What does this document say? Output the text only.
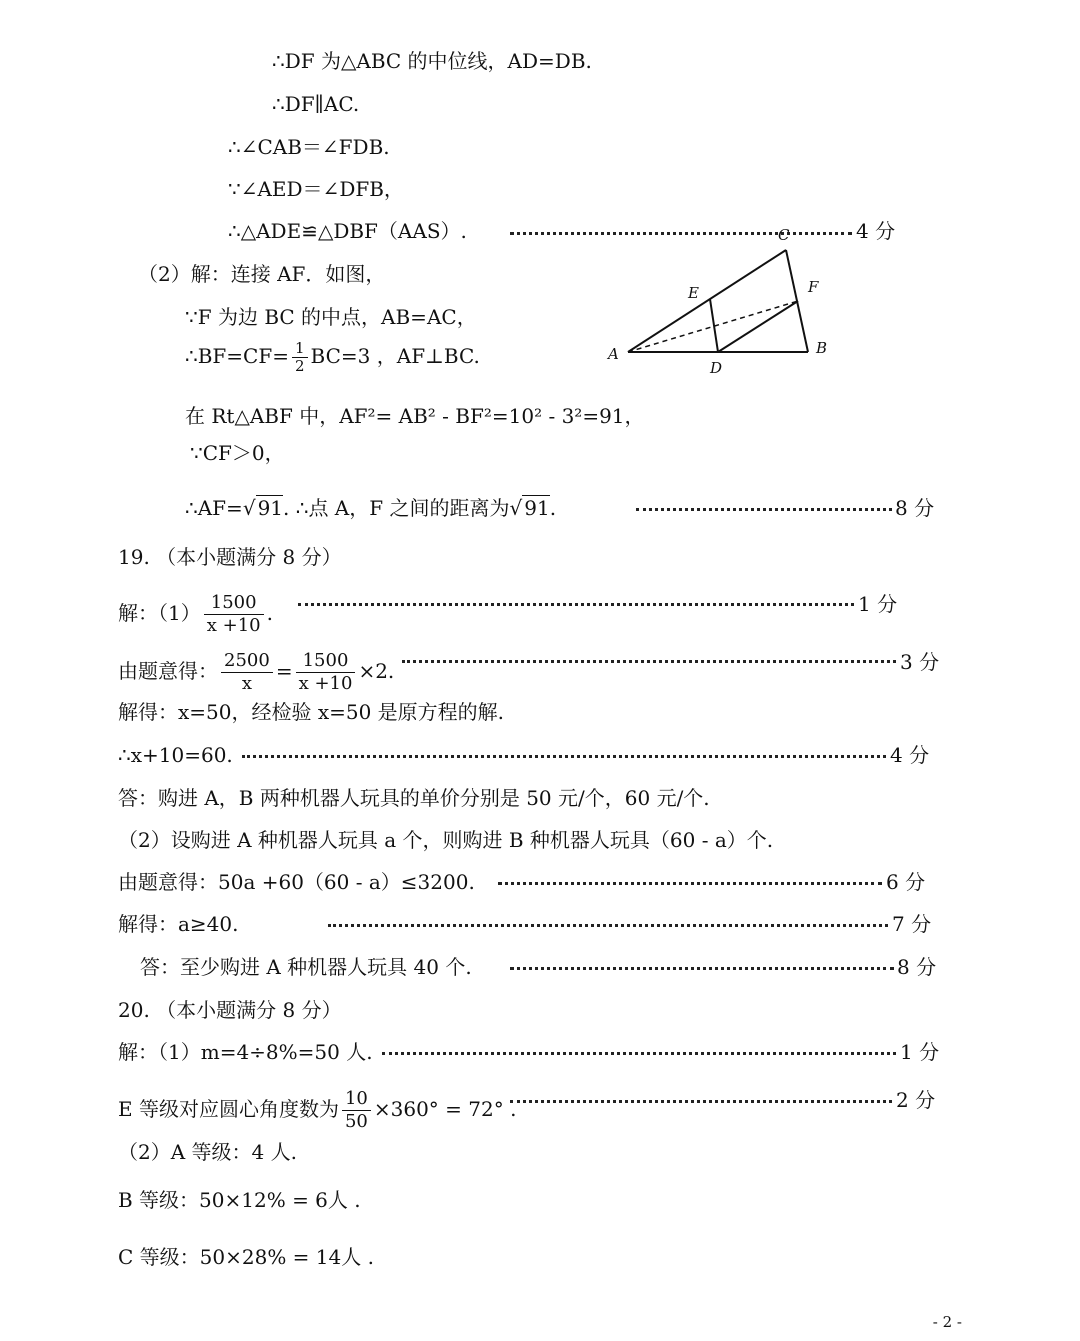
∴DF 为△ABC 的中位线，AD=DB.
∴DF∥AC.
∴∠CAB＝∠FDB.
∵∠AED＝∠DFB，
∴△ADE≌△DBF（AAS）.	4 分
（2）解：连接 AF．如图，
∵F 为边 BC 的中点，AB=AC，
∴BF=CF= $\frac{1}{2} BC=3$ ，AF⊥BC.
在 Rt△ABF 中，AF²= AB² - BF²=10² - 3²=91，
∵CF＞0，
∴AF=√ 91. ∴点 A，F 之间的距离为√ 91.	8 分
A	B
C
D
E	F
19. （本小题满分 8 分）
解：$(1) \frac{1500}{x +10}$ .	1 分
由题意得： $\frac{2500}{x} = \frac{1500}{x +10} \times 2$.	3 分
解得：x=50，经检验 x=50 是原方程的解.
∴x+10=60.	4 分
答：购进 A，B 两种机器人玩具的单价分别是 50 元/个，60 元/个.
（2）设购进 A 种机器人玩具 a 个，则购进 B 种机器人玩具（60 - a）个.
由题意得：50a +60（60 - a）≤3200.	6 分
解得：a≥40.	7 分
答：至少购进 A 种机器人玩具 40 个.	8 分
20. （本小题满分 8 分）
解：（1）m=4÷8%=50 人.	1 分
E 等级对应圆心角度数为 $\frac{10}{50} \times 360^\circ = 72^\circ$ .	2 分
（2）A 等级：4 人.
B 等级：50×12% = 6人 .
C 等级：50×28% = 14人 .
- 2 -
